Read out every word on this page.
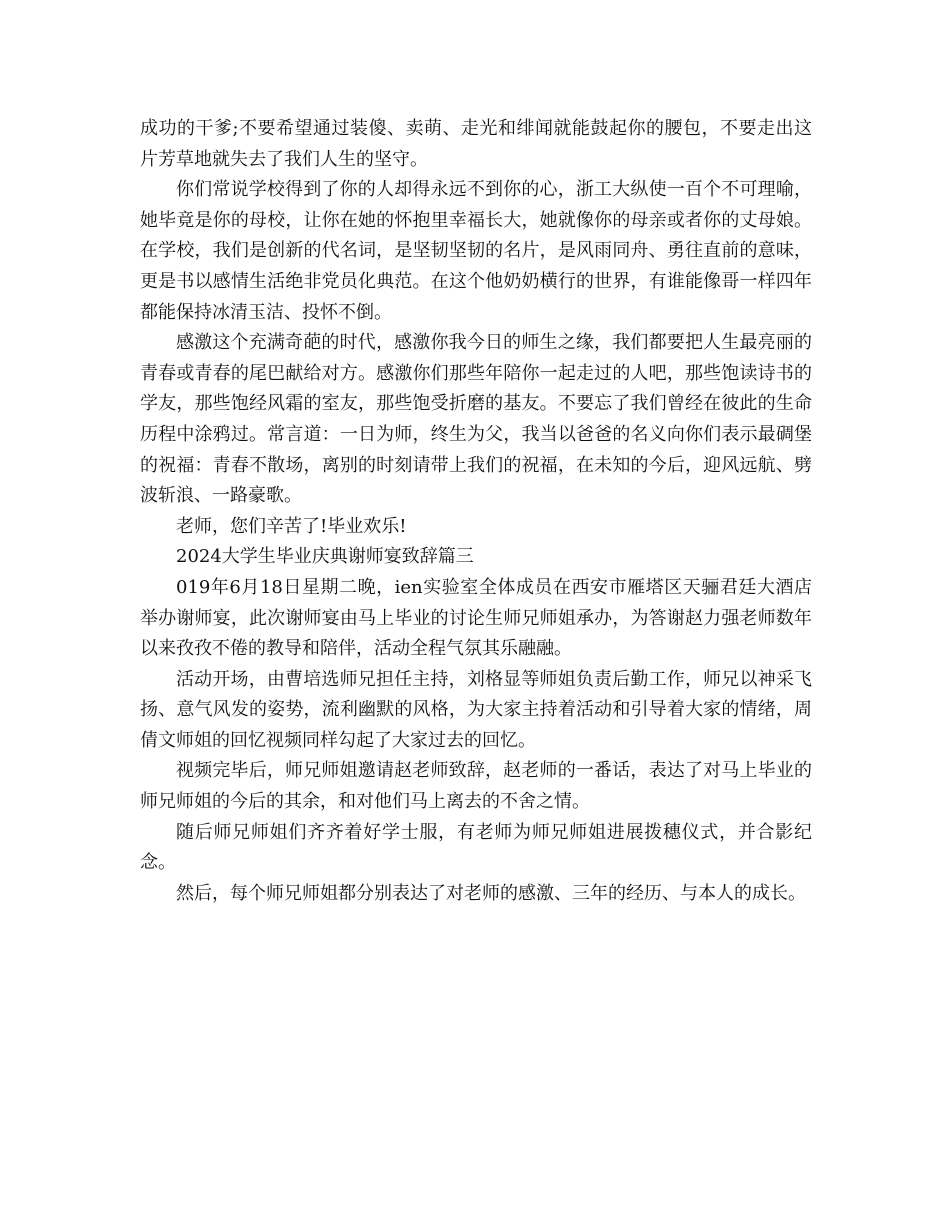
成功的干爹;不要希望通过装傻、卖萌、走光和绯闻就能鼓起你的腰包，不要走出这片芳草地就失去了我们人生的坚守。

你们常说学校得到了你的人却得永远不到你的心，浙工大纵使一百个不可理喻，她毕竟是你的母校，让你在她的怀抱里幸福长大，她就像你的母亲或者你的丈母娘。在学校，我们是创新的代名词，是坚韧坚韧的名片，是风雨同舟、勇往直前的意味，更是书以感情生活绝非党员化典范。在这个他奶奶横行的世界，有谁能像哥一样四年都能保持冰清玉洁、投怀不倒。

感激这个充满奇葩的时代，感激你我今日的师生之缘，我们都要把人生最亮丽的青春或青春的尾巴献给对方。感激你们那些年陪你一起走过的人吧，那些饱读诗书的学友，那些饱经风霜的室友，那些饱受折磨的基友。不要忘了我们曾经在彼此的生命历程中涂鸦过。常言道：一日为师，终生为父，我当以爸爸的名义向你们表示最碉堡的祝福：青春不散场，离别的时刻请带上我们的祝福，在未知的今后，迎风远航、劈波斩浪、一路豪歌。

老师，您们辛苦了!毕业欢乐!

2024大学生毕业庆典谢师宴致辞篇三

019年6月18日星期二晚，ien实验室全体成员在西安市雁塔区天骊君廷大酒店举办谢师宴，此次谢师宴由马上毕业的讨论生师兄师姐承办，为答谢赵力强老师数年以来孜孜不倦的教导和陪伴，活动全程气氛其乐融融。

活动开场，由曹培选师兄担任主持，刘格显等师姐负责后勤工作，师兄以神采飞扬、意气风发的姿势，流利幽默的风格，为大家主持着活动和引导着大家的情绪，周倩文师姐的回忆视频同样勾起了大家过去的回忆。

视频完毕后，师兄师姐邀请赵老师致辞，赵老师的一番话，表达了对马上毕业的师兄师姐的今后的其余，和对他们马上离去的不舍之情。

随后师兄师姐们齐齐着好学士服，有老师为师兄师姐进展拨穗仪式，并合影纪念。

然后，每个师兄师姐都分别表达了对老师的感激、三年的经历、与本人的成长。
